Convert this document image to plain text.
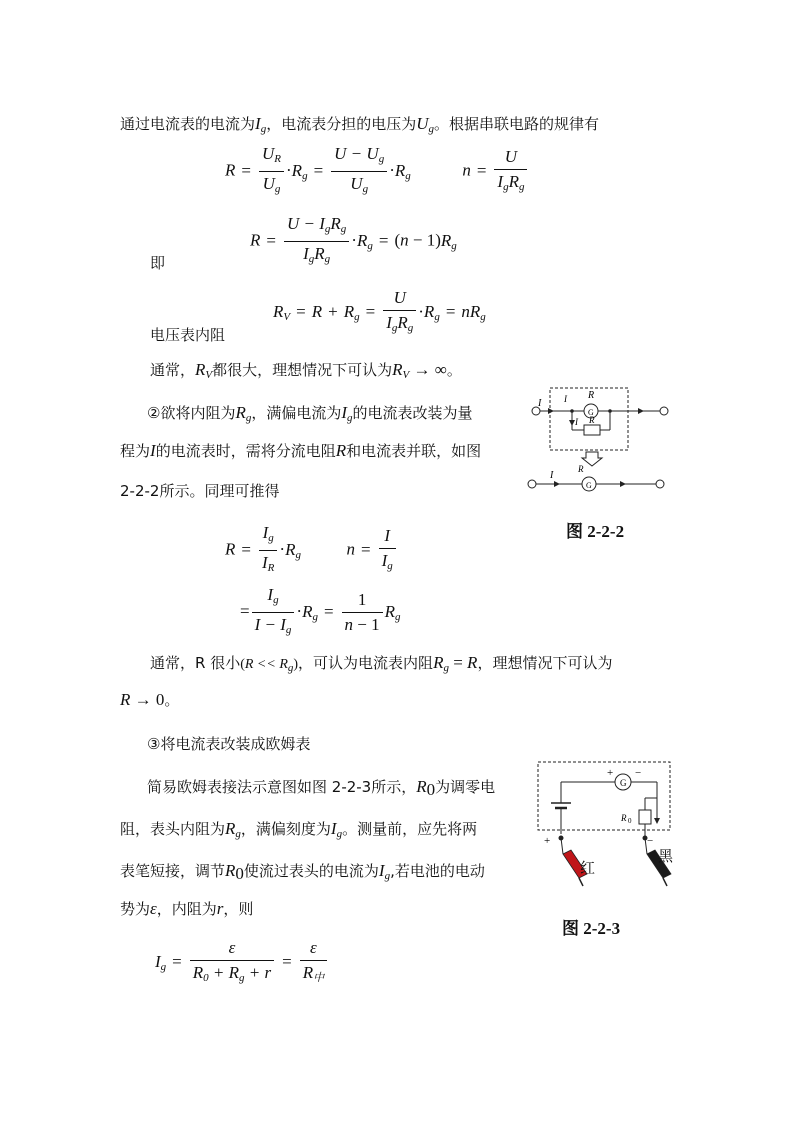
通过电流表的电流为$I_g$，电流表分担的电压为$U_g$。根据串联电路的规律有
$R = \frac{U_R}{U_g} \cdot R_g = \frac{U - U_g}{U_g} \cdot R_g$	$n = \frac{U}{I_gR_g}$
$R = \frac{U - I_gR_g}{I_gR_g} \cdot R_g = (n - 1)R_g$
即
$R_V = R + R_g = \frac{U}{I_gR_g} \cdot R_g = nR_g$
电压表内阻
通常，$R_V$都很大，理想情况下可认为$R_V$ → ∞。
②欲将内阻为$R_g$，满偏电流为$I_g$的电流表改装为量
程为I的电流表时，需将分流电阻R和电流表并联，如图
2-2-2所示。同理可推得
$R = \frac{I_g}{I_R} \cdot R_g$	$n = \frac{I}{I_g}$
= $\frac{I_g}{I - I_g} \cdot R_g = \frac{1}{n - 1} R_g$
通常，R 很小$(R << R_g)$，可认为电流表内阻$R_g = R$，理想情况下可认为
R → 0。
③将电流表改装成欧姆表
简易欧姆表接法示意图如图 2-2-3所示，$R_0$为调零电
阻，表头内阻为$R_g$，满偏刻度为$I_g$。测量前，应先将两
表笔短接，调节$R_0$使流过表头的电流为$I_g$,若电池的电动
势为ε，内阻为r，则
$I_g = \frac{\varepsilon}{R_0 + R_g + r} = \frac{\varepsilon}{R_中}$
I	I
G
R
I R
I
G
R
图 2-2-2
G
+ −
R 0
+	−
红
黑
图 2-2-3
